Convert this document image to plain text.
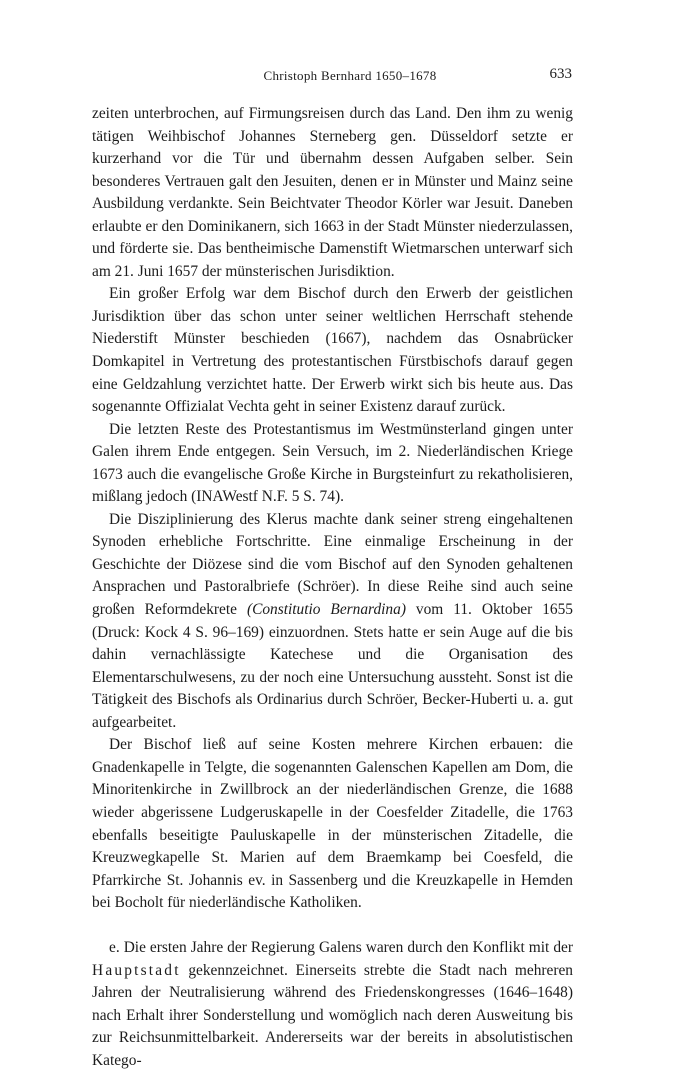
Christoph Bernhard 1650–1678	633

zeiten unterbrochen, auf Firmungsreisen durch das Land. Den ihm zu wenig tätigen Weihbischof Johannes Sterneberg gen. Düsseldorf setzte er kurzerhand vor die Tür und übernahm dessen Aufgaben selber. Sein besonderes Vertrauen galt den Jesuiten, denen er in Münster und Mainz seine Ausbildung verdankte. Sein Beichtvater Theodor Körler war Jesuit. Daneben erlaubte er den Dominikanern, sich 1663 in der Stadt Münster niederzulassen, und förderte sie. Das bentheimische Damenstift Wietmarschen unterwarf sich am 21. Juni 1657 der münsterischen Jurisdiktion.

Ein großer Erfolg war dem Bischof durch den Erwerb der geistlichen Jurisdiktion über das schon unter seiner weltlichen Herrschaft stehende Niederstift Münster beschieden (1667), nachdem das Osnabrücker Domkapitel in Vertretung des protestantischen Fürstbischofs darauf gegen eine Geldzahlung verzichtet hatte. Der Erwerb wirkt sich bis heute aus. Das sogenannte Offizialat Vechta geht in seiner Existenz darauf zurück.

Die letzten Reste des Protestantismus im Westmünsterland gingen unter Galen ihrem Ende entgegen. Sein Versuch, im 2. Niederländischen Kriege 1673 auch die evangelische Große Kirche in Burgsteinfurt zu rekatholisieren, mißlang jedoch (INAWestf N.F. 5 S. 74).

Die Disziplinierung des Klerus machte dank seiner streng eingehaltenen Synoden erhebliche Fortschritte. Eine einmalige Erscheinung in der Geschichte der Diözese sind die vom Bischof auf den Synoden gehaltenen Ansprachen und Pastoralbriefe (Schröer). In diese Reihe sind auch seine großen Reformdekrete (Constitutio Bernardina) vom 11. Oktober 1655 (Druck: Kock 4 S. 96–169) einzuordnen. Stets hatte er sein Auge auf die bis dahin vernachlässigte Katechese und die Organisation des Elementarschulwesens, zu der noch eine Untersuchung aussteht. Sonst ist die Tätigkeit des Bischofs als Ordinarius durch Schröer, Becker-Huberti u. a. gut aufgearbeitet.

Der Bischof ließ auf seine Kosten mehrere Kirchen erbauen: die Gnadenkapelle in Telgte, die sogenannten Galenschen Kapellen am Dom, die Minoritenkirche in Zwillbrock an der niederländischen Grenze, die 1688 wieder abgerissene Ludgeruskapelle in der Coesfelder Zitadelle, die 1763 ebenfalls beseitigte Pauluskapelle in der münsterischen Zitadelle, die Kreuzwegkapelle St. Marien auf dem Braemkamp bei Coesfeld, die Pfarrkirche St. Johannis ev. in Sassenberg und die Kreuzkapelle in Hemden bei Bocholt für niederländische Katholiken.

e. Die ersten Jahre der Regierung Galens waren durch den Konflikt mit der Hauptstadt gekennzeichnet. Einerseits strebte die Stadt nach mehreren Jahren der Neutralisierung während des Friedenskongresses (1646–1648) nach Erhalt ihrer Sonderstellung und womöglich nach deren Ausweitung bis zur Reichsunmittelbarkeit. Andererseits war der bereits in absolutistischen Katego-
